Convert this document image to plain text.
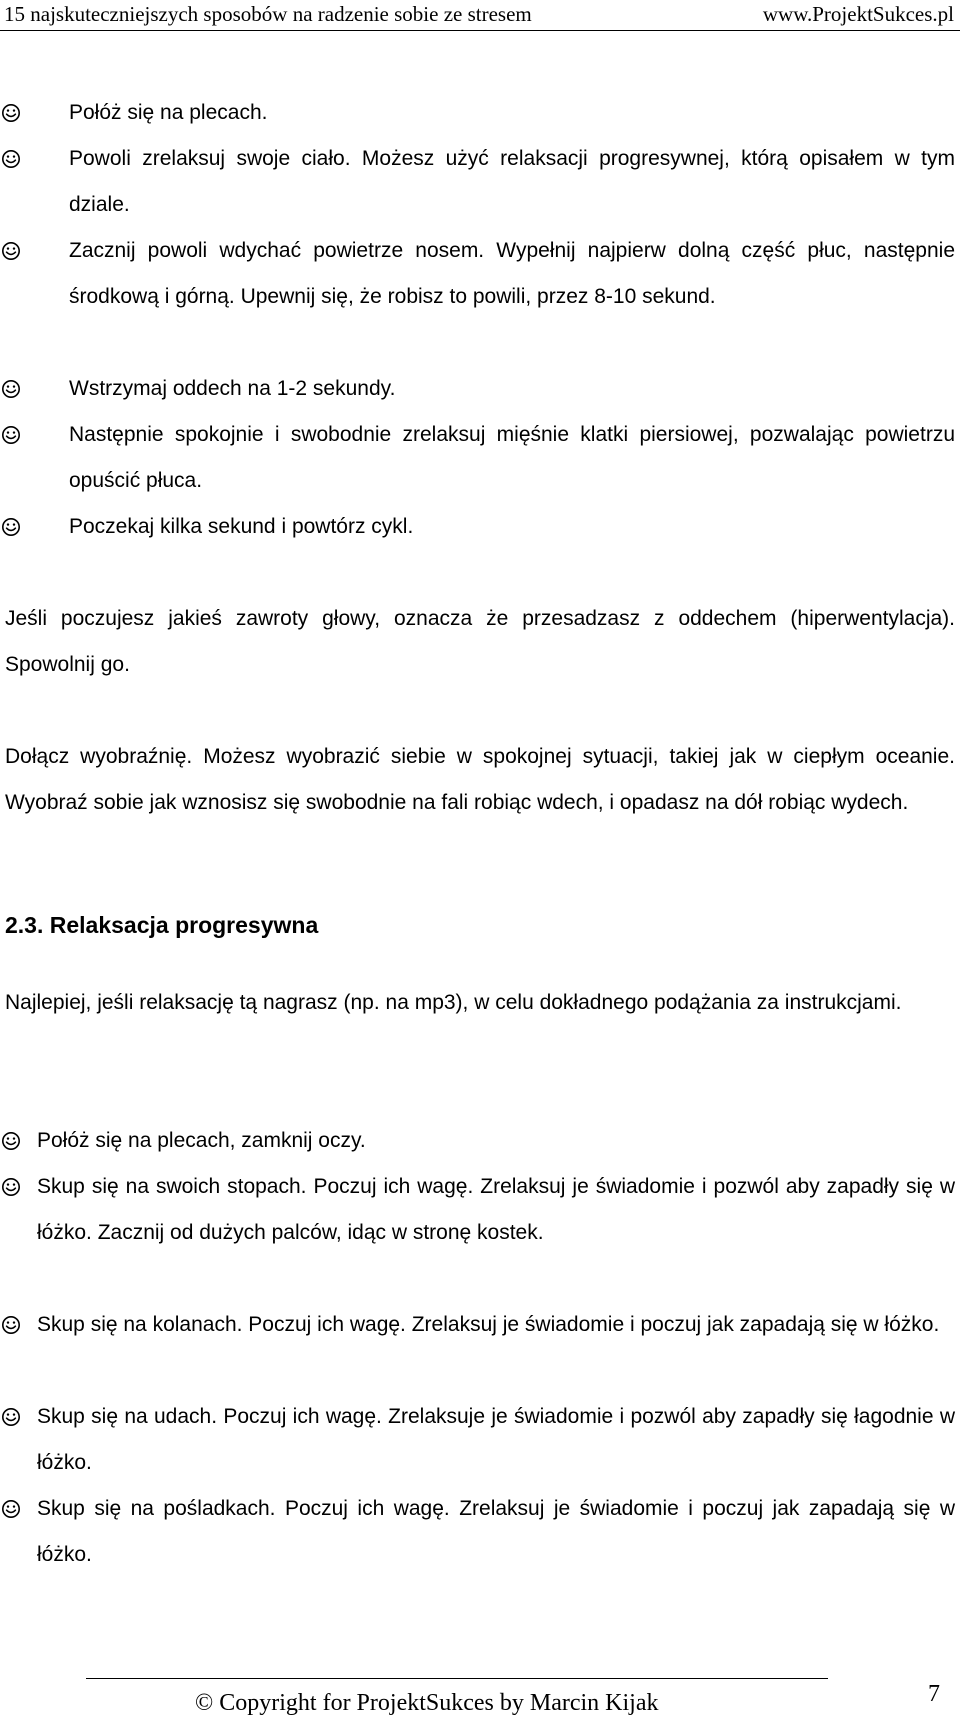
15 najskuteczniejszych sposobów na radzenie sobie ze stresem	www.ProjektSukces.pl
Połóż się na plecach.
Powoli zrelaksuj swoje ciało. Możesz użyć relaksacji progresywnej, którą opisałem w tym dziale.
Zacznij powoli wdychać powietrze nosem. Wypełnij najpierw dolną część płuc, następnie środkową i górną. Upewnij się, że robisz to powili, przez 8-10 sekund.
Wstrzymaj oddech na 1-2 sekundy.
Następnie spokojnie i swobodnie zrelaksuj mięśnie klatki piersiowej, pozwalając powietrzu opuścić płuca.
Poczekaj kilka sekund i powtórz cykl.
Jeśli poczujesz jakieś zawroty głowy, oznacza że przesadzasz z oddechem (hiperwentylacja). Spowolnij go.
Dołącz wyobraźnię. Możesz wyobrazić siebie w spokojnej sytuacji, takiej jak w ciepłym oceanie. Wyobraź sobie jak wznosisz się swobodnie na fali robiąc wdech, i opadasz na dół robiąc wydech.
2.3. Relaksacja progresywna
Najlepiej, jeśli relaksację tą nagrasz (np. na mp3), w celu dokładnego podążania za instrukcjami.
Połóż się na plecach, zamknij oczy.
Skup się na swoich stopach. Poczuj ich wagę. Zrelaksuj je świadomie i pozwól aby zapadły się w łóżko. Zacznij od dużych palców, idąc w stronę kostek.
Skup się na kolanach. Poczuj ich wagę. Zrelaksuj je świadomie i poczuj jak zapadają się w łóżko.
Skup się na udach. Poczuj ich wagę. Zrelaksuje je świadomie i pozwól aby zapadły się łagodnie w łóżko.
Skup się na pośladkach. Poczuj ich wagę. Zrelaksuj je świadomie i poczuj jak zapadają się w łóżko.
© Copyright for ProjektSukces by Marcin Kijak	7
